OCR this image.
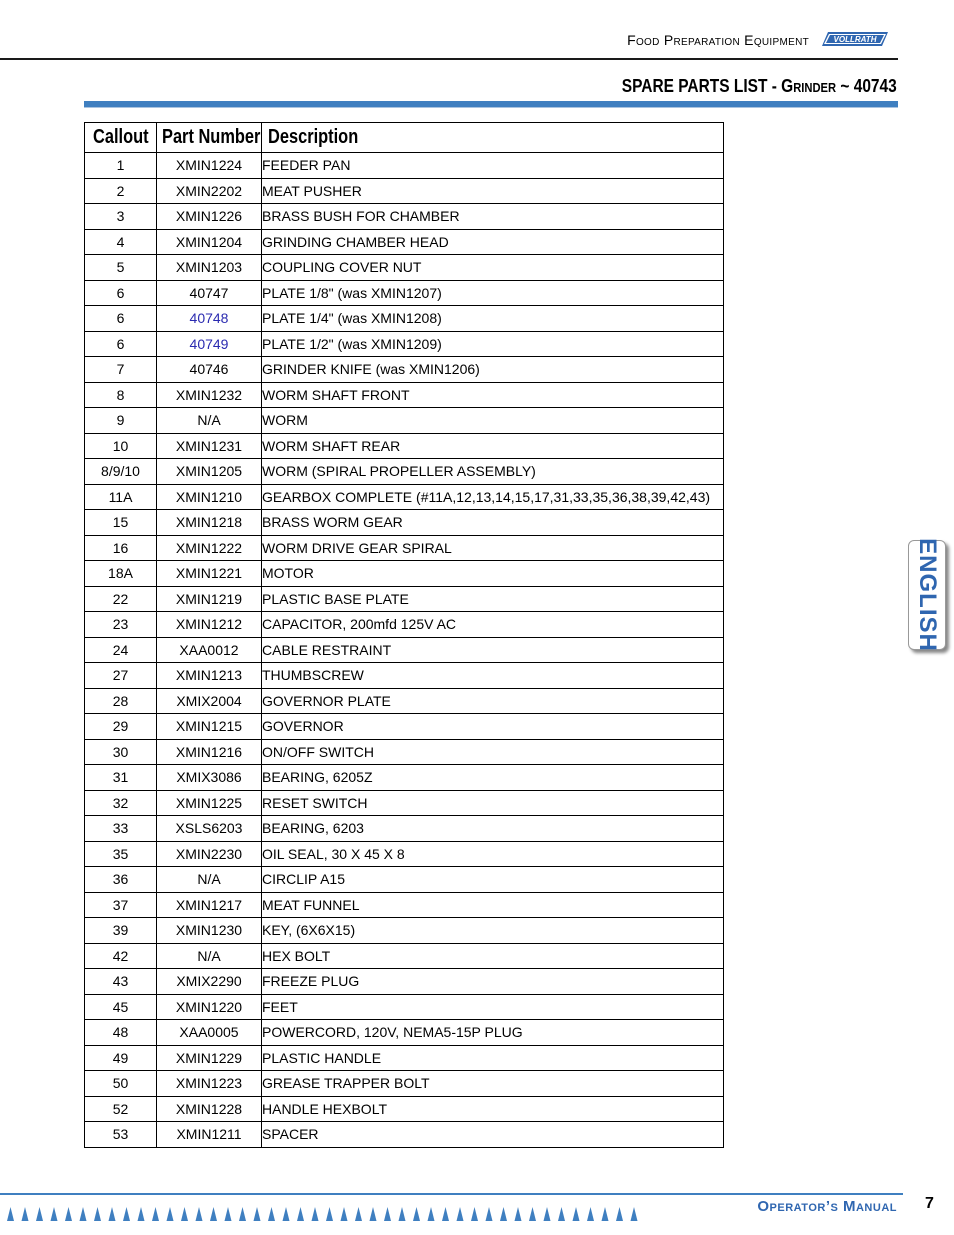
Food Preparation Equipment	VOLLRATH
SPARE PARTS LIST - Grinder ~ 40743
Callout	Part Number	Description
1	XMIN1224	FEEDER PAN
2	XMIN2202	MEAT PUSHER
3	XMIN1226	BRASS BUSH FOR CHAMBER
4	XMIN1204	GRINDING CHAMBER HEAD
5	XMIN1203	COUPLING COVER NUT
6	40747	PLATE 1/8" (was XMIN1207)
6	40748	PLATE 1/4" (was XMIN1208)
6	40749	PLATE 1/2" (was XMIN1209)
7	40746	GRINDER KNIFE (was XMIN1206)
8	XMIN1232	WORM SHAFT FRONT
9	N/A	WORM
10	XMIN1231	WORM SHAFT REAR
8/9/10	XMIN1205	WORM (SPIRAL PROPELLER ASSEMBLY)
11A	XMIN1210	GEARBOX COMPLETE (#11A,12,13,14,15,17,31,33,35,36,38,39,42,43)
15	XMIN1218	BRASS WORM GEAR
16	XMIN1222	WORM DRIVE GEAR SPIRAL
18A	XMIN1221	MOTOR
22	XMIN1219	PLASTIC BASE PLATE
23	XMIN1212	CAPACITOR, 200mfd 125V AC
24	XAA0012	CABLE RESTRAINT
27	XMIN1213	THUMBSCREW
28	XMIX2004	GOVERNOR PLATE
29	XMIN1215	GOVERNOR
30	XMIN1216	ON/OFF SWITCH
31	XMIX3086	BEARING, 6205Z
32	XMIN1225	RESET SWITCH
33	XSLS6203	BEARING, 6203
35	XMIN2230	OIL SEAL, 30 X 45 X 8
36	N/A	CIRCLIP A15
37	XMIN1217	MEAT FUNNEL
39	XMIN1230	KEY, (6X6X15)
42	N/A	HEX BOLT
43	XMIX2290	FREEZE PLUG
45	XMIN1220	FEET
48	XAA0005	POWERCORD, 120V, NEMA5-15P PLUG
49	XMIN1229	PLASTIC HANDLE
50	XMIN1223	GREASE TRAPPER BOLT
52	XMIN1228	HANDLE HEXBOLT
53	XMIN1211	SPACER
ENGLISH
Operator’s Manual 7
